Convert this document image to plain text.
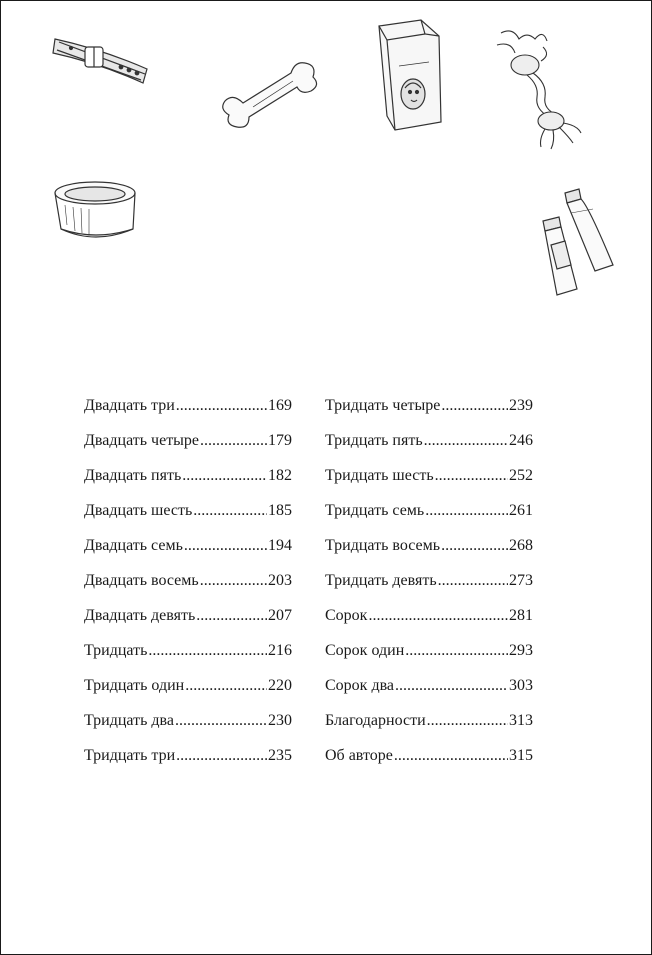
Двадцать три .....	169
Двадцать четыре .....	179
Двадцать пять .....	182
Двадцать шесть .....	185
Двадцать семь .....	194
Двадцать восемь .....	203
Двадцать девять .....	207
Тридцать .....	216
Тридцать один .....	220
Тридцать два .....	230
Тридцать три .....	235
Тридцать четыре .....	239
Тридцать пять .....	246
Тридцать шесть .....	252
Тридцать семь .....	261
Тридцать восемь .....	268
Тридцать девять .....	273
Сорок .....	281
Сорок один .....	293
Сорок два .....	303
Благодарности .....	313
Об авторе .....	315
